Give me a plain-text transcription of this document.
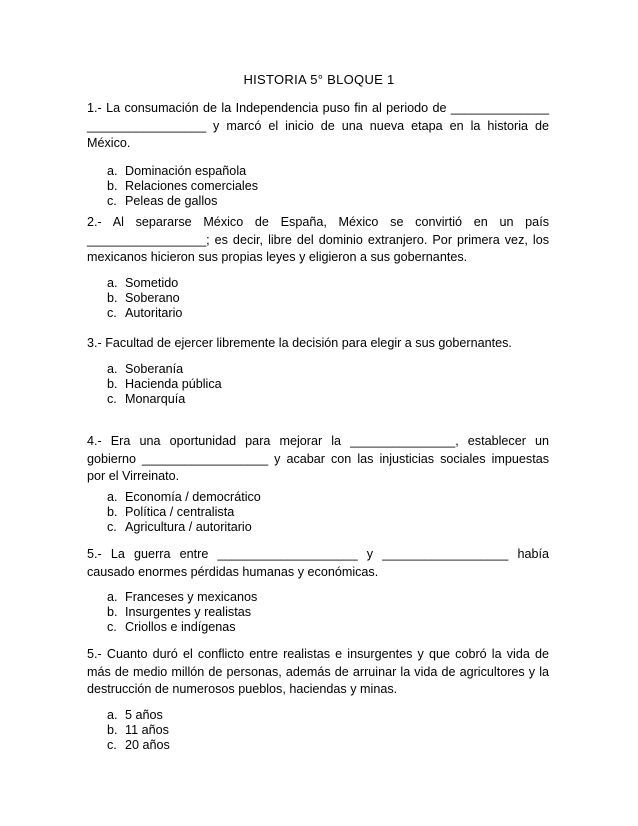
HISTORIA 5° BLOQUE 1

1.- La consumación de la Independencia puso fin al periodo de ______________ _________________ y marcó el inicio de una nueva etapa en la historia de México.

a. Dominación española
b. Relaciones comerciales
c. Peleas de gallos

2.- Al separarse México de España, México se convirtió en un país _________________; es decir, libre del dominio extranjero. Por primera vez, los mexicanos hicieron sus propias leyes y eligieron a sus gobernantes.

a. Sometido
b. Soberano
c. Autoritario

3.- Facultad de ejercer libremente la decisión para elegir a sus gobernantes.

a. Soberanía
b. Hacienda pública
c. Monarquía

4.- Era una oportunidad para mejorar la _______________, establecer un gobierno __________________ y acabar con las injusticias sociales impuestas por el Virreinato.

a. Economía / democrático
b. Política / centralista
c. Agricultura / autoritario

5.- La guerra entre ____________________ y __________________ había causado enormes pérdidas humanas y económicas.

a. Franceses y mexicanos
b. Insurgentes y realistas
c. Criollos e indígenas

5.- Cuanto duró el conflicto entre realistas e insurgentes y que cobró la vida de más de medio millón de personas, además de arruinar la vida de agricultores y la destrucción de numerosos pueblos, haciendas y minas.

a. 5 años
b. 11 años
c. 20 años
